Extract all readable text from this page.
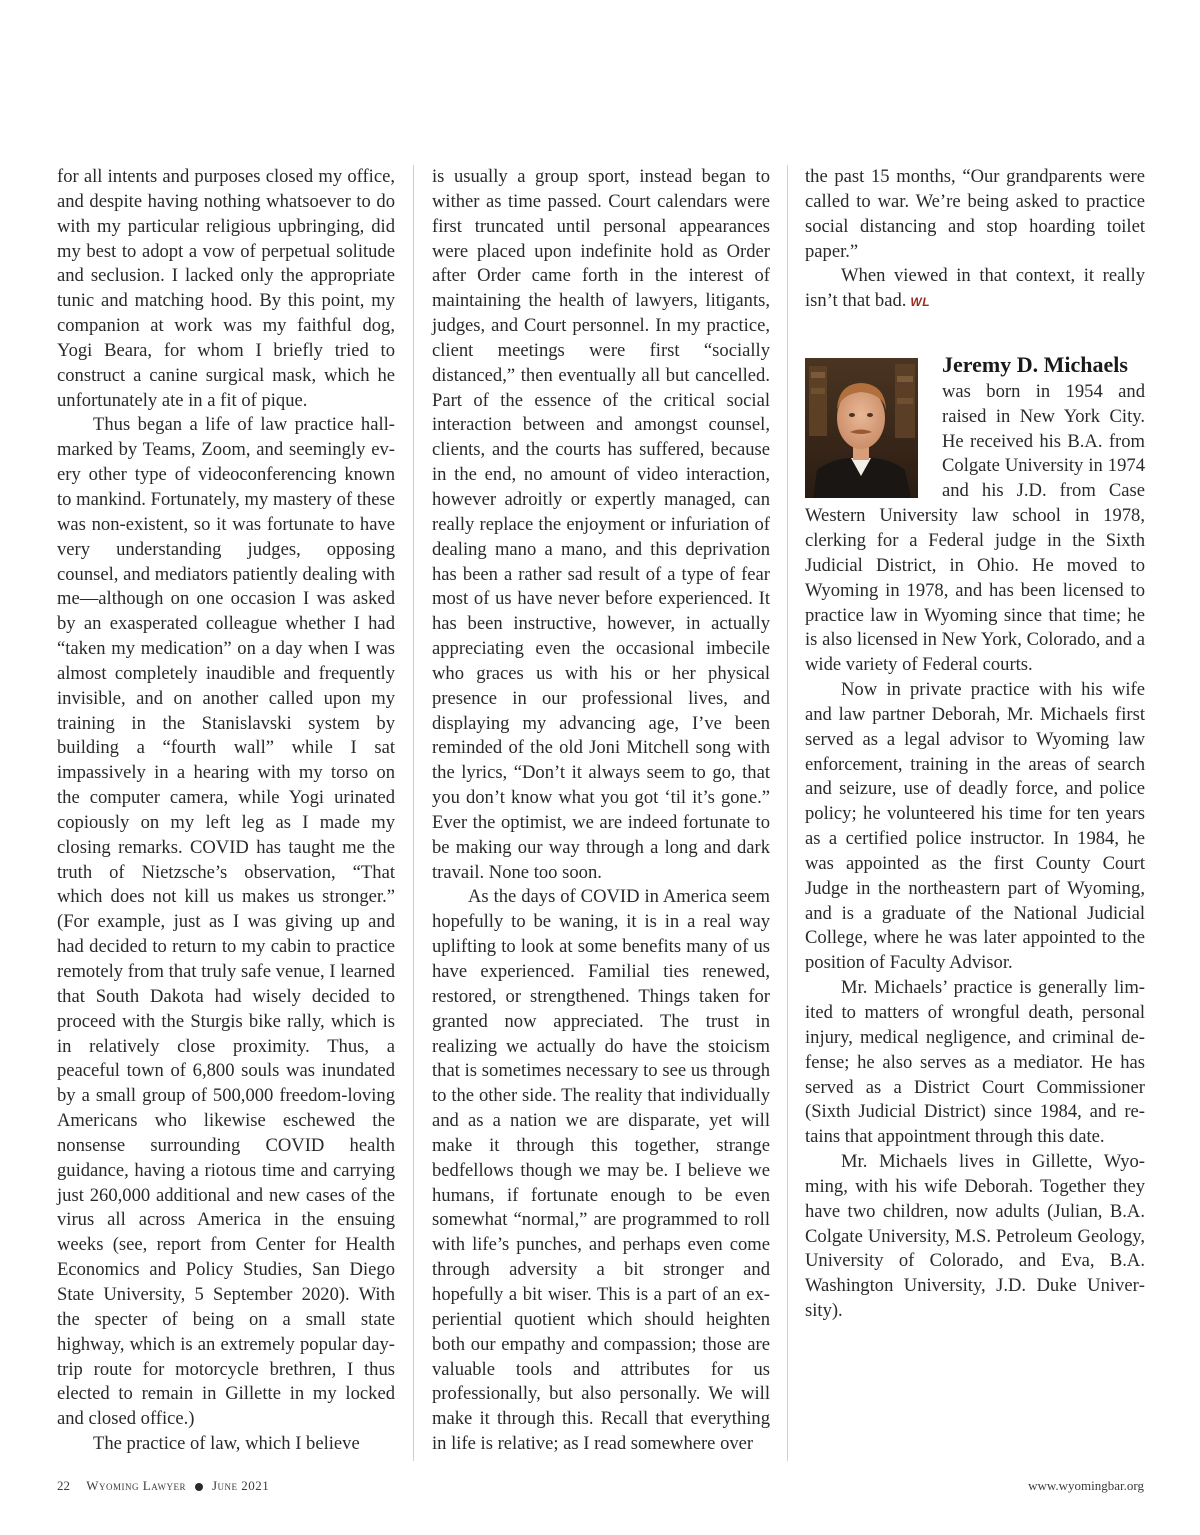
for all intents and purposes closed my office, and despite having nothing whatsoever to do with my particular religious upbringing, did my best to adopt a vow of perpetual solitude and seclusion. I lacked only the appropriate tunic and matching hood. By this point, my companion at work was my faithful dog, Yogi Beara, for whom I briefly tried to construct a canine surgical mask, which he unfortunately ate in a fit of pique.

Thus began a life of law practice hallmarked by Teams, Zoom, and seemingly every other type of videoconferencing known to mankind. Fortunately, my mastery of these was non-existent, so it was fortunate to have very understanding judges, opposing counsel, and mediators patiently dealing with me—although on one occasion I was asked by an exasperated colleague whether I had “taken my medication” on a day when I was almost completely inaudible and frequently invisible, and on another called upon my training in the Stanislavski system by building a “fourth wall” while I sat impassively in a hearing with my torso on the computer camera, while Yogi urinated copiously on my left leg as I made my closing remarks. COVID has taught me the truth of Nietzsche’s observation, “That which does not kill us makes us stronger.” (For example, just as I was giving up and had decided to return to my cabin to practice remotely from that truly safe venue, I learned that South Dakota had wisely decided to proceed with the Sturgis bike rally, which is in relatively close proximity. Thus, a peaceful town of 6,800 souls was inundated by a small group of 500,000 freedom-loving Americans who likewise eschewed the nonsense surrounding COVID health guidance, having a riotous time and carrying just 260,000 additional and new cases of the virus all across America in the ensuing weeks (see, report from Center for Health Economics and Policy Studies, San Diego State University, 5 September 2020). With the specter of being on a small state highway, which is an extremely popular day-trip route for motorcycle brethren, I thus elected to remain in Gillette in my locked and closed office.)

The practice of law, which I believe

is usually a group sport, instead began to wither as time passed. Court calendars were first truncated until personal appearances were placed upon indefinite hold as Order after Order came forth in the interest of maintaining the health of lawyers, litigants, judges, and Court personnel. In my practice, client meetings were first “socially distanced,” then eventually all but cancelled. Part of the essence of the critical social interaction between and amongst counsel, clients, and the courts has suffered, because in the end, no amount of video interaction, however adroitly or expertly managed, can really replace the enjoyment or infuriation of dealing mano a mano, and this deprivation has been a rather sad result of a type of fear most of us have never before experienced. It has been instructive, however, in actually appreciating even the occasional imbecile who graces us with his or her physical presence in our professional lives, and displaying my advancing age, I’ve been reminded of the old Joni Mitchell song with the lyrics, “Don’t it always seem to go, that you don’t know what you got ‘til it’s gone.” Ever the optimist, we are indeed fortunate to be making our way through a long and dark travail. None too soon.

As the days of COVID in America seem hopefully to be waning, it is in a real way uplifting to look at some benefits many of us have experienced. Familial ties renewed, restored, or strengthened. Things taken for granted now appreciated. The trust in realizing we actually do have the stoicism that is sometimes necessary to see us through to the other side. The reality that individually and as a nation we are disparate, yet will make it through this together, strange bedfellows though we may be. I believe we humans, if fortunate enough to be even somewhat “normal,” are programmed to roll with life’s punches, and perhaps even come through adversity a bit stronger and hopefully a bit wiser. This is a part of an experiential quotient which should heighten both our empathy and compassion; those are valuable tools and attributes for us professionally, but also personally. We will make it through this. Recall that everything in life is relative; as I read somewhere over

the past 15 months, “Our grandparents were called to war. We’re being asked to practice social distancing and stop hoarding toilet paper.”

When viewed in that context, it really isn’t that bad. WL

Jeremy D. Michaels
was born in 1954 and raised in New York City. He received his B.A. from Colgate University in 1974 and his J.D. from Case Western University law school in 1978, clerking for a Federal judge in the Sixth Judicial District, in Ohio. He moved to Wyoming in 1978, and has been licensed to practice law in Wyoming since that time; he is also licensed in New York, Colorado, and a wide variety of Federal courts.

Now in private practice with his wife and law partner Deborah, Mr. Michaels first served as a legal advisor to Wyoming law enforcement, training in the areas of search and seizure, use of deadly force, and police policy; he volunteered his time for ten years as a certified police instructor. In 1984, he was appointed as the first County Court Judge in the northeastern part of Wyoming, and is a graduate of the National Judicial College, where he was later appointed to the position of Faculty Advisor.

Mr. Michaels’ practice is generally limited to matters of wrongful death, personal injury, medical negligence, and criminal defense; he also serves as a mediator. He has served as a District Court Commissioner (Sixth Judicial District) since 1984, and retains that appointment through this date.

Mr. Michaels lives in Gillette, Wyoming, with his wife Deborah. Together they have two children, now adults (Julian, B.A. Colgate University, M.S. Petroleum Geology, University of Colorado, and Eva, B.A. Washington University, J.D. Duke University).

22 Wyoming Lawyer June 2021	www.wyomingbar.org
